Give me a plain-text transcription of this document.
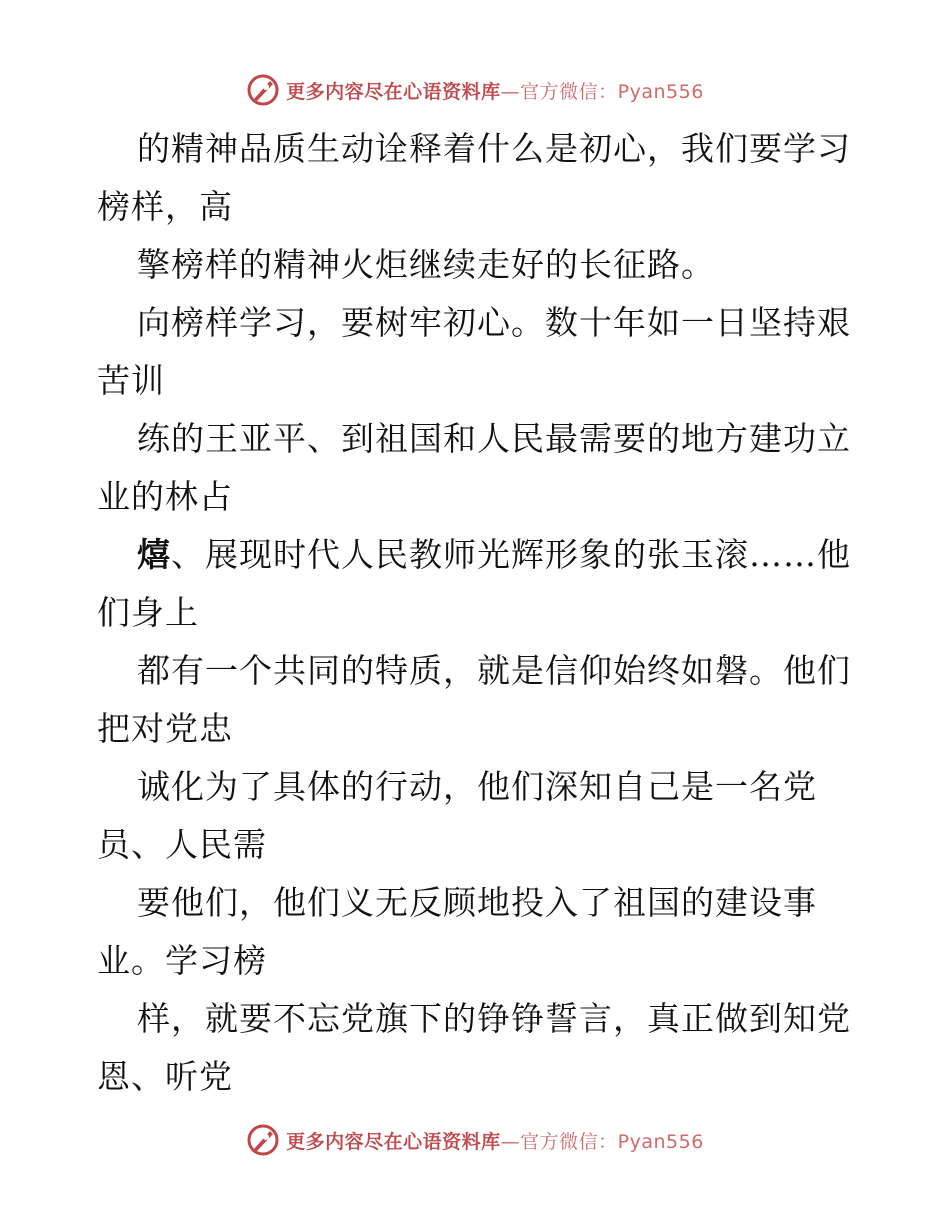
更多内容尽在心语资料库—官方微信：Pyan556
的精神品质生动诠释着什么是初心，我们要学习
榜样，高
擎榜样的精神火炬继续走好的长征路。
向榜样学习，要树牢初心。数十年如一日坚持艰
苦训
练的王亚平、到祖国和人民最需要的地方建功立
业的林占
熺、展现时代人民教师光辉形象的张玉滚……他
们身上
都有一个共同的特质，就是信仰始终如磐。他们
把对党忠
诚化为了具体的行动，他们深知自己是一名党
员、人民需
要他们，他们义无反顾地投入了祖国的建设事
业。学习榜
样，就要不忘党旗下的铮铮誓言，真正做到知党
恩、听党
更多内容尽在心语资料库—官方微信：Pyan556
